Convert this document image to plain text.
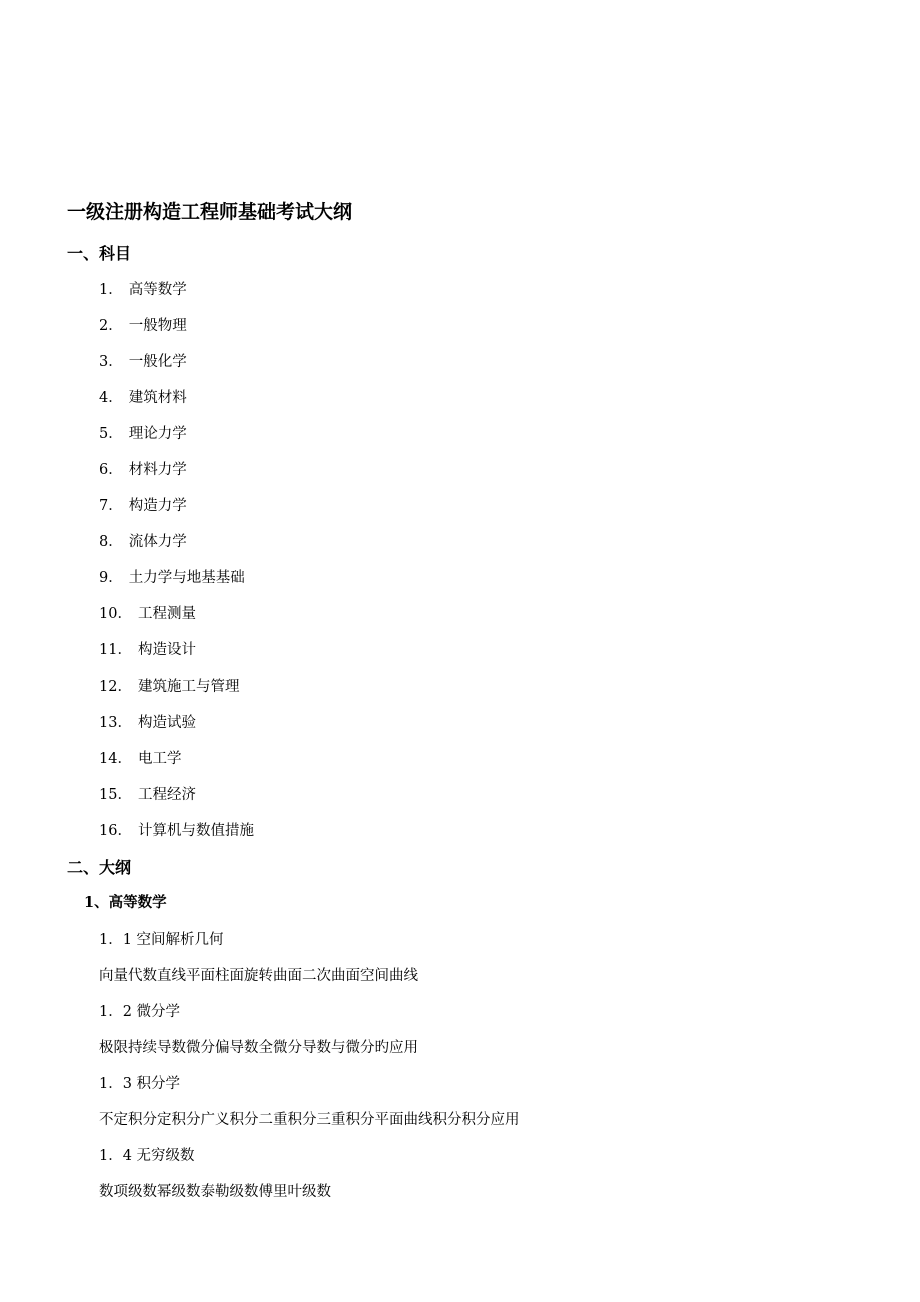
一级注册构造工程师基础考试大纲
一、科目
1． 高等数学
2． 一般物理
3． 一般化学
4． 建筑材料
5． 理论力学
6． 材料力学
7． 构造力学
8． 流体力学
9． 土力学与地基基础
10． 工程测量
11． 构造设计
12． 建筑施工与管理
13． 构造试验
14． 电工学
15． 工程经济
16． 计算机与数值措施
二、大纲
1、高等数学
1．1 空间解析几何
向量代数直线平面柱面旋转曲面二次曲面空间曲线
1．2 微分学
极限持续导数微分偏导数全微分导数与微分旳应用
1．3 积分学
不定积分定积分广义积分二重积分三重积分平面曲线积分积分应用
1．4 无穷级数
数项级数幂级数泰勒级数傅里叶级数
